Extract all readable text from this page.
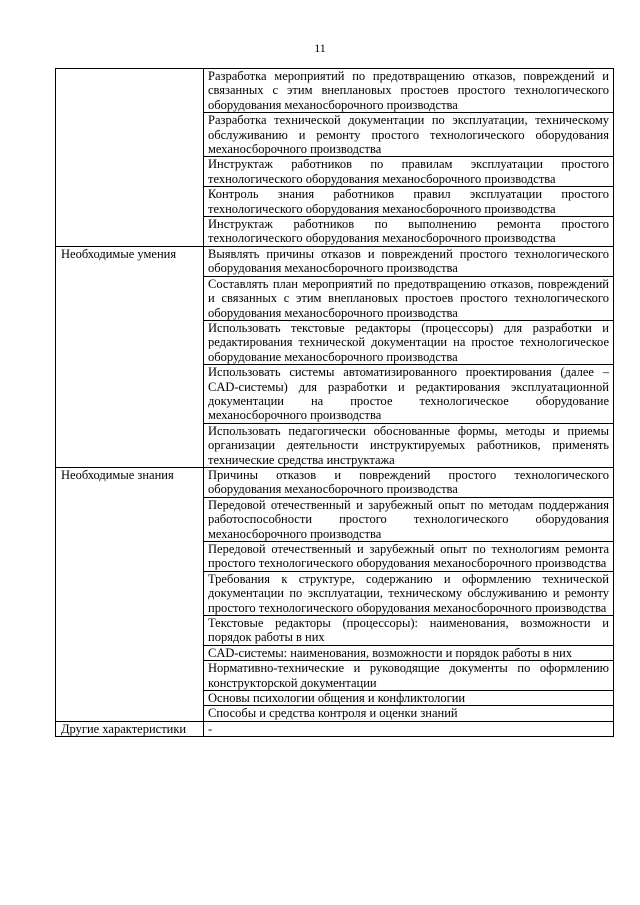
11
	Разработка мероприятий по предотвращению отказов, повреждений и связанных с этим внеплановых простоев простого технологического оборудования механосборочного производства
	Разработка технической документации по эксплуатации, техническому обслуживанию и ремонту простого технологического оборудования механосборочного производства
	Инструктаж работников по правилам эксплуатации простого технологического оборудования механосборочного производства
	Контроль знания работников правил эксплуатации простого технологического оборудования механосборочного производства
	Инструктаж работников по выполнению ремонта простого технологического оборудования механосборочного производства
Необходимые умения	Выявлять причины отказов и повреждений простого технологического оборудования механосборочного производства
	Составлять план мероприятий по предотвращению отказов, повреждений и связанных с этим внеплановых простоев простого технологического оборудования механосборочного производства
	Использовать текстовые редакторы (процессоры) для разработки и редактирования технической документации на простое технологическое оборудование механосборочного производства
	Использовать системы автоматизированного проектирования (далее – CAD-системы) для разработки и редактирования эксплуатационной документации на простое технологическое оборудование механосборочного производства
	Использовать педагогически обоснованные формы, методы и приемы организации деятельности инструктируемых работников, применять технические средства инструктажа
Необходимые знания	Причины отказов и повреждений простого технологического оборудования механосборочного производства
	Передовой отечественный и зарубежный опыт по методам поддержания работоспособности простого технологического оборудования механосборочного производства
	Передовой отечественный и зарубежный опыт по технологиям ремонта простого технологического оборудования механосборочного производства
	Требования к структуре, содержанию и оформлению технической документации по эксплуатации, техническому обслуживанию и ремонту простого технологического оборудования механосборочного производства
	Текстовые редакторы (процессоры): наименования, возможности и порядок работы в них
	CAD-системы: наименования, возможности и порядок работы в них
	Нормативно-технические и руководящие документы по оформлению конструкторской документации
	Основы психологии общения и конфликтологии
	Способы и средства контроля и оценки знаний
Другие характеристики	-
